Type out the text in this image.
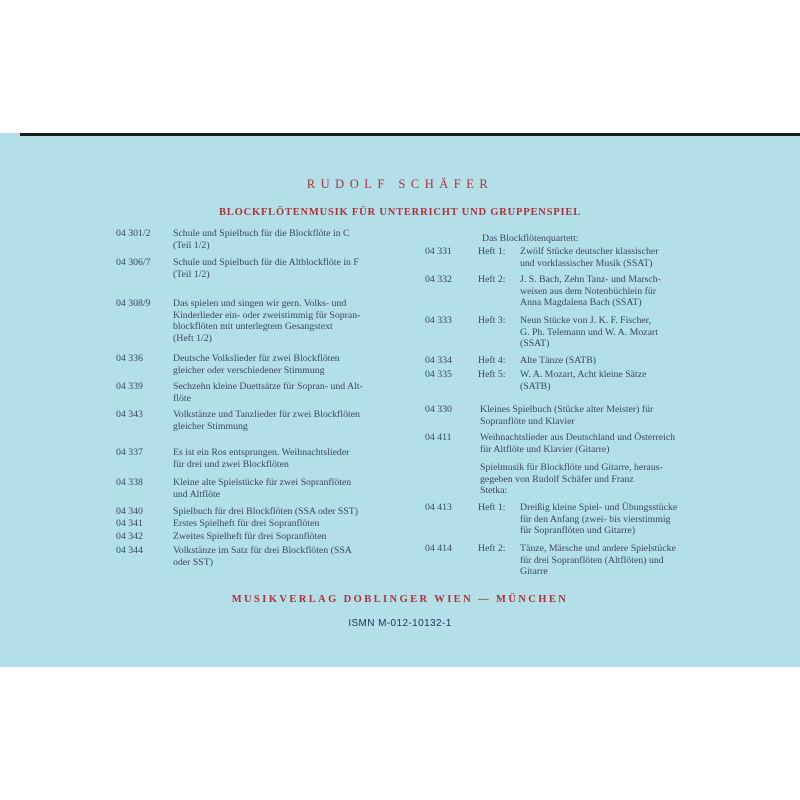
RUDOLF SCHÄFER
BLOCKFLÖTENMUSIK FÜR UNTERRICHT UND GRUPPENSPIEL
MUSIKVERLAG DOBLINGER WIEN — MÜNCHEN
ISMN M-012-10132-1
04 301/2 Schule und Spielbuch für die Blockflöte in C
(Teil 1/2)
04 306/7 Schule und Spielbuch für die Altblockflöte in F
(Teil 1/2)
04 308/9 Das spielen und singen wir gern. Volks- und
Kinderlieder ein- oder zweistimmig für Sopran-
blockflöten mit unterlegtem Gesangstext
(Heft 1/2)
04 336	Deutsche Volkslieder für zwei Blockflöten
gleicher oder verschiedener Stimmung
04 339	Sechzehn kleine Duettsätze für Sopran- und Alt-
flöte
04 343	Volkstänze und Tanzlieder für zwei Blockflöten
gleicher Stimmung
04 337	Es ist ein Ros entsprungen. Weihnachtslieder
für drei und zwei Blockflöten
04 338	Kleine alte Spielstücke für zwei Sopranflöten
und Altflöte
04 340	Spielbuch für drei Blockflöten (SSA oder SST)
04 341	Erstes Spielheft für drei Sopranflöten
04 342	Zweites Spielheft für drei Sopranflöten
04 344	Volkstänze im Satz für drei Blockflöten (SSA
oder SST)
Das Blockflötenquartett:
04 331	Heft 1: Zwölf Stücke deutscher klassischer
und vorklassischer Musik (SSAT)
04 332	Heft 2: J. S. Bach, Zehn Tanz- und Marsch-
weisen aus dem Notenbüchlein für
Anna Magdalena Bach (SSAT)
04 333	Heft 3: Neun Stücke von J. K. F. Fischer,
G. Ph. Telemann und W. A. Mozart
(SSAT)
04 334	Heft 4: Alte Tänze (SATB)
04 335	Heft 5: W. A. Mozart, Acht kleine Sätze
(SATB)
04 330	Kleines Spielbuch (Stücke alter Meister) für
Sopranflöte und Klavier
04 411	Weihnachtslieder aus Deutschland und Österreich
für Altflöte und Klavier (Gitarre)
Spielmusik für Blockflöte und Gitarre, heraus-
gegeben von Rudolf Schäfer und Franz
Stetka:
04 413	Heft 1: Dreißig kleine Spiel- und Übungsstücke
für den Anfang (zwei- bis vierstimmig
für Sopranflöten und Gitarre)
04 414	Heft 2: Tänze, Märsche und andere Spielstücke
für drei Sopranflöten (Altflöten) und
Gitarre
